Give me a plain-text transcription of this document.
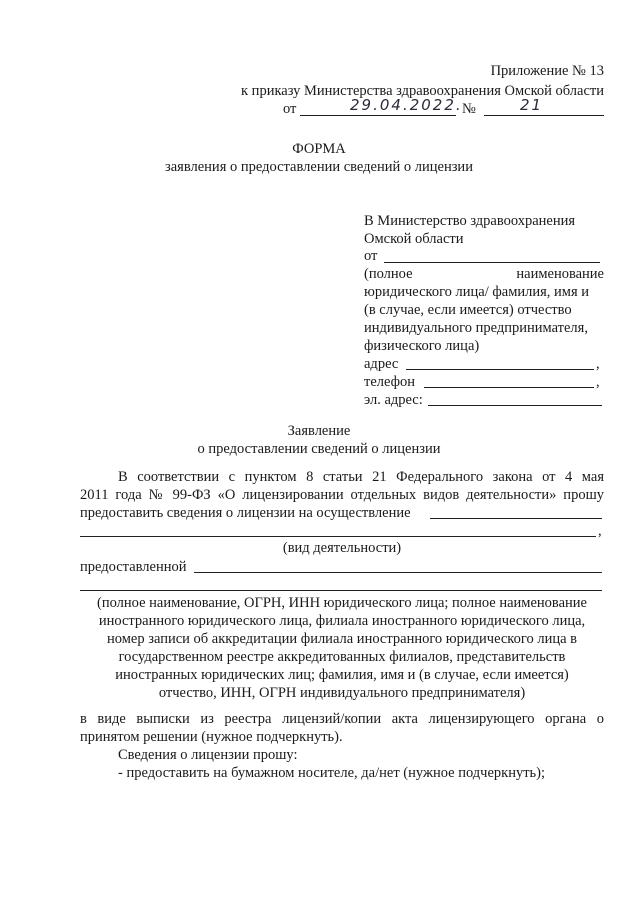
Приложение № 13
к приказу Министерства здравоохранения Омской области
от	29.04.2022. №	21
ФОРМА
заявления о предоставлении сведений о лицензии
В Министерство здравоохранения
Омской области
от
(полное	наименование
юридического лица/ фамилия, имя и
(в случае, если имеется) отчество
индивидуального предпринимателя,
физического лица)
адрес	,
телефон	,
эл. адрес:
Заявление
о предоставлении сведений о лицензии
В соответствии с пунктом 8 статьи 21 Федерального закона от 4 мая
2011 года № 99-ФЗ «О лицензировании отдельных видов деятельности» прошу
предоставить сведения о лицензии на осуществление
,
(вид деятельности)
предоставленной
(полное наименование, ОГРН, ИНН юридического лица; полное наименование
иностранного юридического лица, филиала иностранного юридического лица,
номер записи об аккредитации филиала иностранного юридического лица в
государственном реестре аккредитованных филиалов, представительств
иностранных юридических лиц; фамилия, имя и (в случае, если имеется)
отчество, ИНН, ОГРН индивидуального предпринимателя)
в виде выписки из реестра лицензий/копии акта лицензирующего органа о
принятом решении (нужное подчеркнуть).
Сведения о лицензии прошу:
- предоставить на бумажном носителе, да/нет (нужное подчеркнуть);
